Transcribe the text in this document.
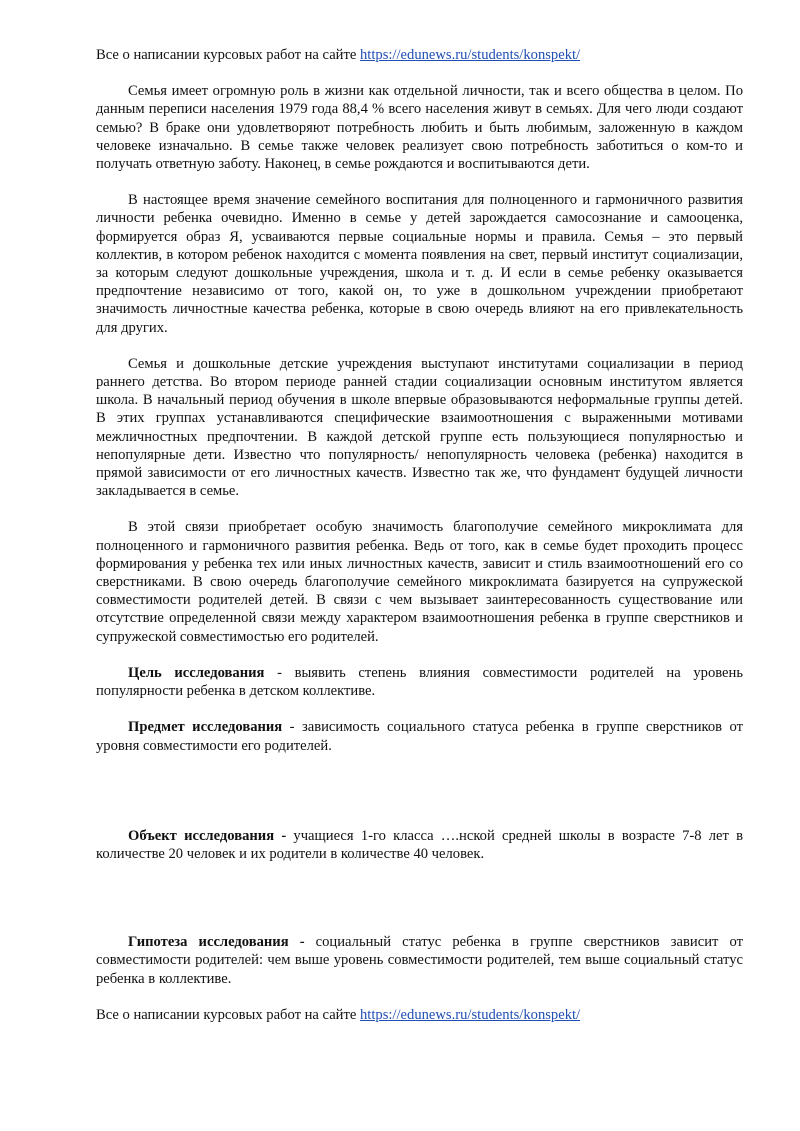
Все о написании курсовых работ на сайте https://edunews.ru/students/konspekt/

Семья имеет огромную роль в жизни как отдельной личности, так и всего общества в целом. По данным переписи населения 1979 года 88,4 % всего населения живут в семьях. Для чего люди создают семью? В браке они удовлетворяют потребность любить и быть любимым, заложенную в каждом человеке изначально. В семье также человек реализует свою потребность заботиться о ком-то и получать ответную заботу. Наконец, в семье рождаются и воспитываются дети.

В настоящее время значение семейного воспитания для полноценного и гармоничного развития личности ребенка очевидно. Именно в семье у детей зарождается самосознание и самооценка, формируется образ Я, усваиваются первые социальные нормы и правила. Семья – это первый коллектив, в котором ребенок находится с момента появления на свет, первый институт социализации, за которым следуют дошкольные учреждения, школа и т. д. И если в семье ребенку оказывается предпочтение независимо от того, какой он, то уже в дошкольном учреждении приобретают значимость личностные качества ребенка, которые в свою очередь влияют на его привлекательность для других.

Семья и дошкольные детские учреждения выступают институтами социализации в период раннего детства. Во втором периоде ранней стадии социализации основным институтом является школа. В начальный период обучения в школе впервые образовываются неформальные группы детей. В этих группах устанавливаются специфические взаимоотношения с выраженными мотивами межличностных предпочтении. В каждой детской группе есть пользующиеся популярностью и непопулярные дети. Известно что популярность/ непопулярность человека (ребенка) находится в прямой зависимости от его личностных качеств. Известно так же, что фундамент будущей личности закладывается в семье.

В этой связи приобретает особую значимость благополучие семейного микроклимата для полноценного и гармоничного развития ребенка. Ведь от того, как в семье будет проходить процесс формирования у ребенка тех или иных личностных качеств, зависит и стиль взаимоотношений его со сверстниками. В свою очередь благополучие семейного микроклимата базируется на супружеской совместимости родителей детей. В связи с чем вызывает заинтересованность существование или отсутствие определенной связи между характером взаимоотношения ребенка в группе сверстников и супружеской совместимостью его родителей.

Цель исследования - выявить степень влияния совместимости родителей на уровень популярности ребенка в детском коллективе.

Предмет исследования - зависимость социального статуса ребенка в группе сверстников от уровня совместимости его родителей.

Объект исследования - учащиеся 1-го класса ….нской средней школы в возрасте 7-8 лет в количестве 20 человек и их родители в количестве 40 человек.

Гипотеза исследования - социальный статус ребенка в группе сверстников зависит от совместимости родителей: чем выше уровень совместимости родителей, тем выше социальный статус ребенка в коллективе.

Все о написании курсовых работ на сайте https://edunews.ru/students/konspekt/
